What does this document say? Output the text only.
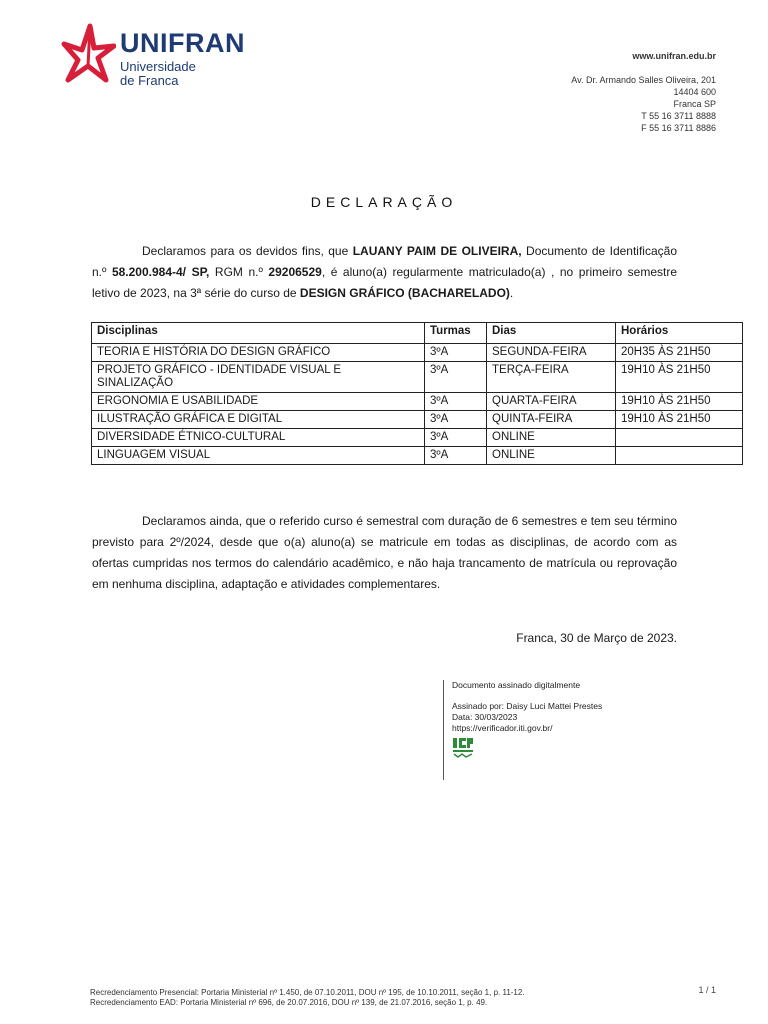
UNIFRAN
Universidade
de Franca
www.unifran.edu.br
Av. Dr. Armando Salles Oliveira, 201
14404 600
Franca SP
T 55 16 3711 8888
F 55 16 3711 8886
DECLARAÇÃO
Declaramos para os devidos fins, que LAUANY PAIM DE OLIVEIRA, Documento de Identificação n.º 58.200.984-4/ SP, RGM n.º 29206529, é aluno(a) regularmente matriculado(a) , no primeiro semestre letivo de 2023, na 3ª série do curso de DESIGN GRÁFICO (BACHARELADO).
Disciplinas	Turmas	Dias	Horários
TEORIA E HISTÓRIA DO DESIGN GRÁFICO	3ºA	SEGUNDA-FEIRA	20H35 ÀS 21H50
PROJETO GRÁFICO - IDENTIDADE VISUAL E SINALIZAÇÃO	3ºA	TERÇA-FEIRA	19H10 ÀS 21H50
ERGONOMIA E USABILIDADE	3ºA	QUARTA-FEIRA	19H10 ÀS 21H50
ILUSTRAÇÃO GRÁFICA E DIGITAL	3ºA	QUINTA-FEIRA	19H10 ÀS 21H50
DIVERSIDADE ÉTNICO-CULTURAL	3ºA	ONLINE	
LINGUAGEM VISUAL	3ºA	ONLINE	
Declaramos ainda, que o referido curso é semestral com duração de 6 semestres e tem seu término previsto para 2º/2024, desde que o(a) aluno(a) se matricule em todas as disciplinas, de acordo com as ofertas cumpridas nos termos do calendário acadêmico, e não haja trancamento de matrícula ou reprovação em nenhuma disciplina, adaptação e atividades complementares.
Franca, 30 de Março de 2023.
Documento assinado digitalmente
Assinado por: Daisy Luci Mattei Prestes
Data: 30/03/2023
https://verificador.iti.gov.br/
Recredenciamento Presencial: Portaria Ministerial nº 1.450, de 07.10.2011, DOU nº 195, de 10.10.2011, seção 1, p. 11-12.
Recredenciamento EAD: Portaria Ministerial nº 696, de 20.07.2016, DOU nº 139, de 21.07.2016, seção 1, p. 49.
1 / 1
